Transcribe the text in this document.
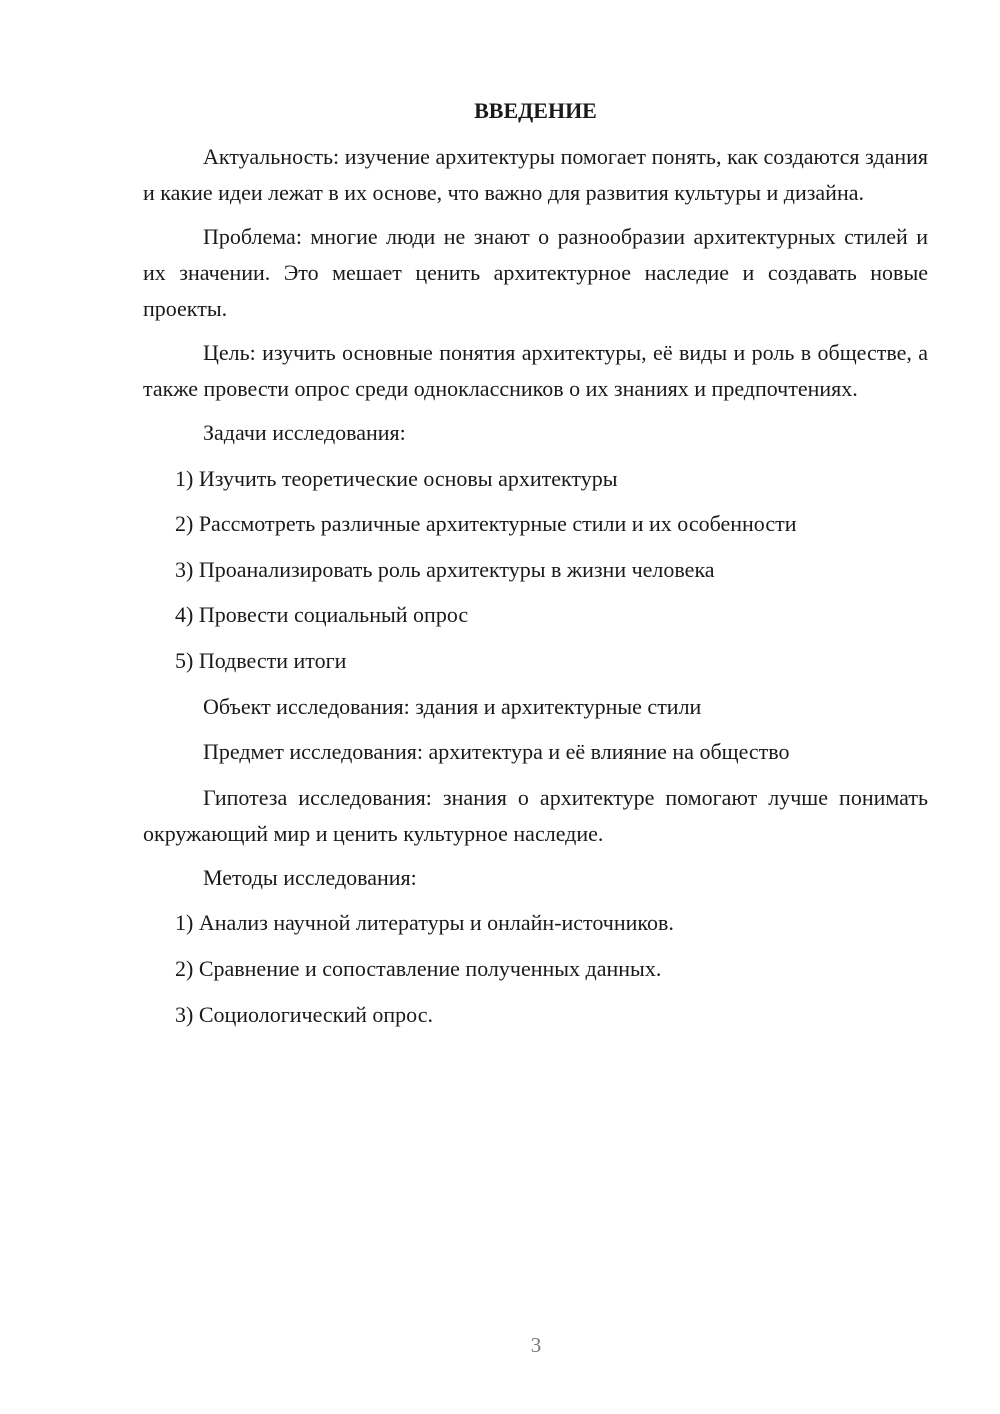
ВВЕДЕНИЕ

Актуальность: изучение архитектуры помогает понять, как создаются здания и какие идеи лежат в их основе, что важно для развития культуры и дизайна.

Проблема: многие люди не знают о разнообразии архитектурных стилей и их значении. Это мешает ценить архитектурное наследие и создавать новые проекты.

Цель: изучить основные понятия архитектуры, её виды и роль в обществе, а также провести опрос среди одноклассников о их знаниях и предпочтениях.

Задачи исследования:
1) Изучить теоретические основы архитектуры
2) Рассмотреть различные архитектурные стили и их особенности
3) Проанализировать роль архитектуры в жизни человека
4) Провести социальный опрос
5) Подвести итоги
Объект исследования: здания и архитектурные стили
Предмет исследования: архитектура и её влияние на общество

Гипотеза исследования: знания о архитектуре помогают лучше понимать окружающий мир и ценить культурное наследие.

Методы исследования:
1) Анализ научной литературы и онлайн-источников.
2) Сравнение и сопоставление полученных данных.
3) Социологический опрос.
3
